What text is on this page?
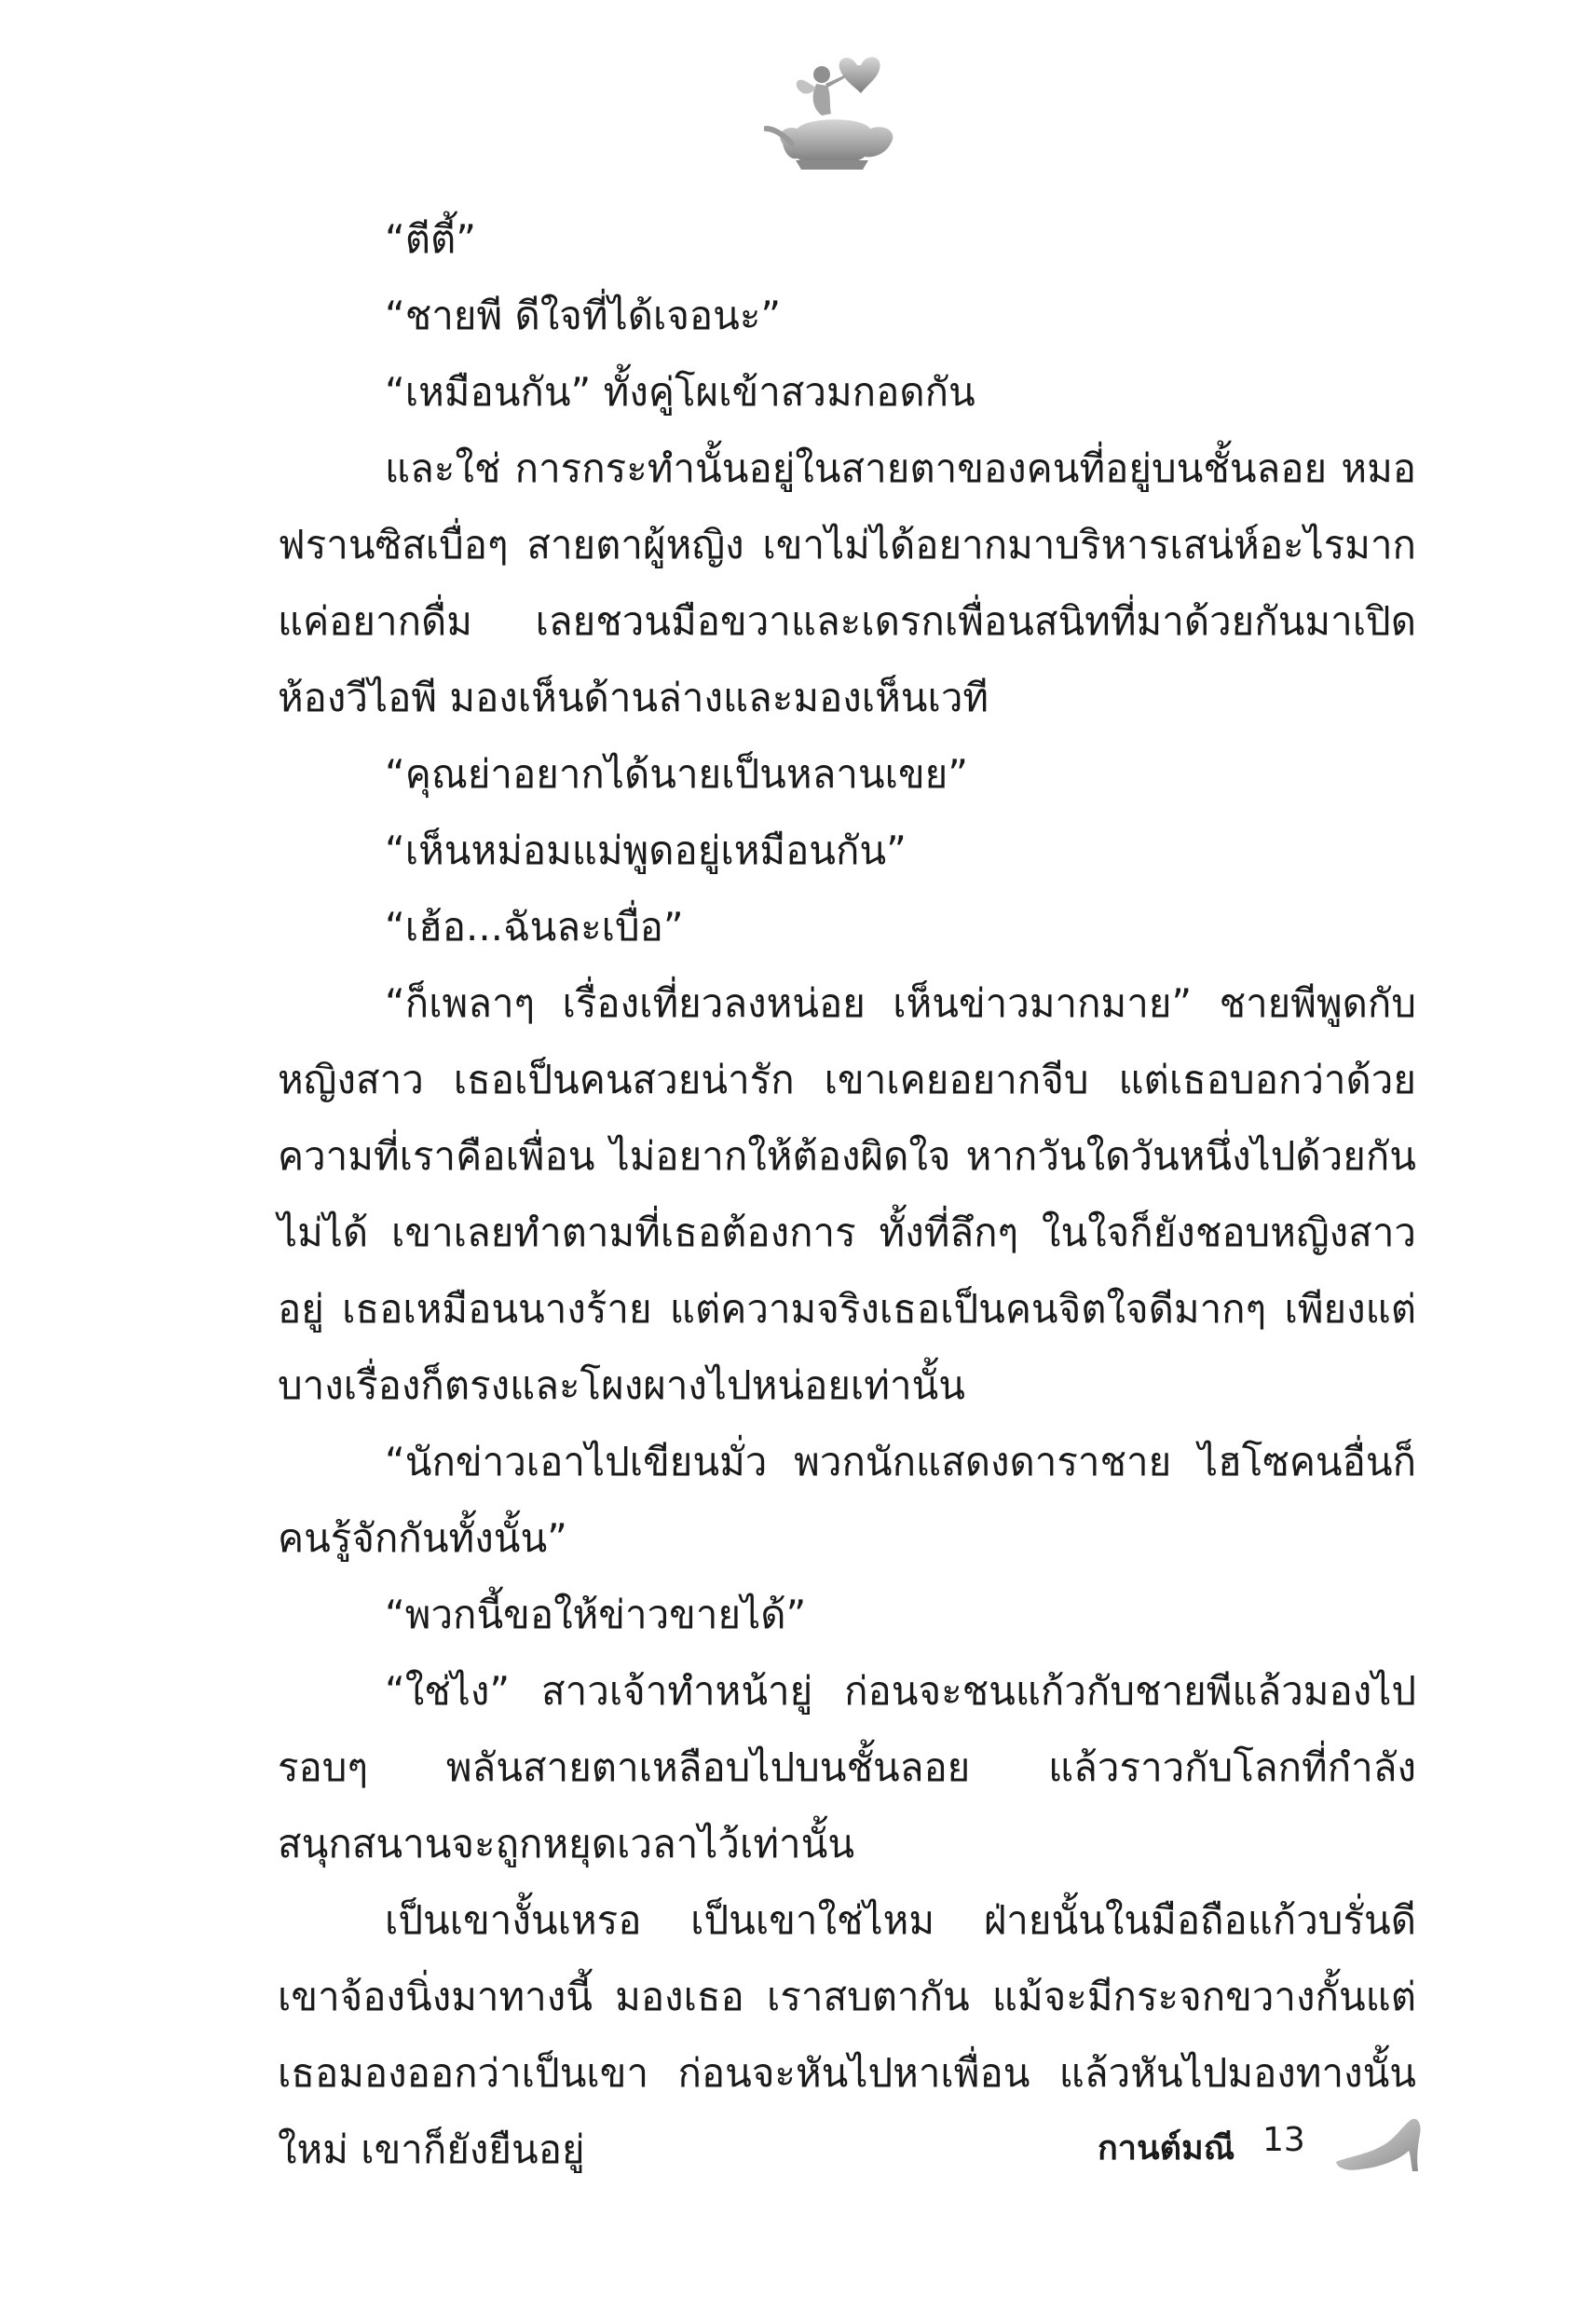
“ตีตี้”

“ชายพี ดีใจที่ได้เจอนะ”

“เหมือนกัน” ทั้งคู่โผเข้าสวมกอดกัน

และใช่ การกระทำนั้นอยู่ในสายตาของคนที่อยู่บนชั้นลอย หมอฟรานซิสเบื่อๆ สายตาผู้หญิง เขาไม่ได้อยากมาบริหารเสน่ห์อะไรมาก แค่อยากดื่ม เลยชวนมือขวาและเดรกเพื่อนสนิทที่มาด้วยกันมาเปิดห้องวีไอพี มองเห็นด้านล่างและมองเห็นเวที

“คุณย่าอยากได้นายเป็นหลานเขย”

“เห็นหม่อมแม่พูดอยู่เหมือนกัน”

“เฮ้อ...ฉันละเบื่อ”

“ก็เพลาๆ เรื่องเที่ยวลงหน่อย เห็นข่าวมากมาย” ชายพีพูดกับหญิงสาว เธอเป็นคนสวยน่ารัก เขาเคยอยากจีบ แต่เธอบอกว่าด้วยความที่เราคือเพื่อน ไม่อยากให้ต้องผิดใจ หากวันใดวันหนึ่งไปด้วยกันไม่ได้ เขาเลยทำตามที่เธอต้องการ ทั้งที่ลึกๆ ในใจก็ยังชอบหญิงสาวอยู่ เธอเหมือนนางร้าย แต่ความจริงเธอเป็นคนจิตใจดีมากๆ เพียงแต่บางเรื่องก็ตรงและโผงผางไปหน่อยเท่านั้น

“นักข่าวเอาไปเขียนมั่ว พวกนักแสดงดาราชาย ไฮโซคนอื่นก็คนรู้จักกันทั้งนั้น”

“พวกนี้ขอให้ข่าวขายได้”

“ใช่ไง” สาวเจ้าทำหน้ายู่ ก่อนจะชนแก้วกับชายพีแล้วมองไปรอบๆ พลันสายตาเหลือบไปบนชั้นลอย แล้วราวกับโลกที่กำลังสนุกสนานจะถูกหยุดเวลาไว้เท่านั้น

เป็นเขางั้นเหรอ เป็นเขาใช่ไหม ฝ่ายนั้นในมือถือแก้วบรั่นดี เขาจ้องนิ่งมาทางนี้ มองเธอ เราสบตากัน แม้จะมีกระจกขวางกั้นแต่เธอมองออกว่าเป็นเขา ก่อนจะหันไปหาเพื่อน แล้วหันไปมองทางนั้นใหม่ เขาก็ยังยืนอยู่	กานต์มณี 13
